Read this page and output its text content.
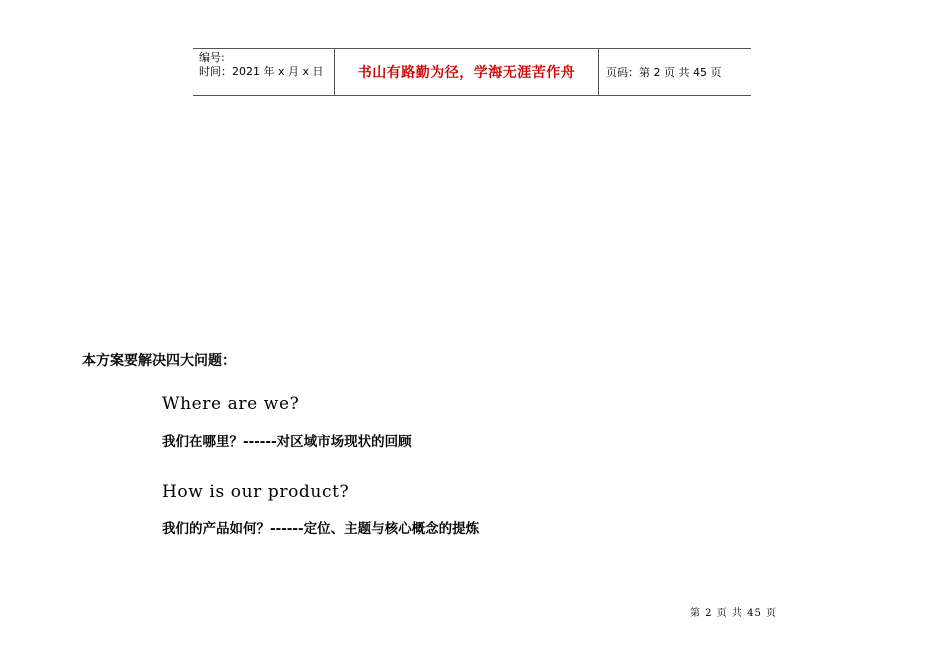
编号:
时间：2021 年 x 月 x 日	书山有路勤为径，学海无涯苦作舟	页码：第 2 页 共 45 页
本方案要解决四大问题：
Where are we?
我们在哪里？------对区域市场现状的回顾
How is our product?
我们的产品如何？------定位、主题与核心概念的提炼
第 2 页 共 45 页
